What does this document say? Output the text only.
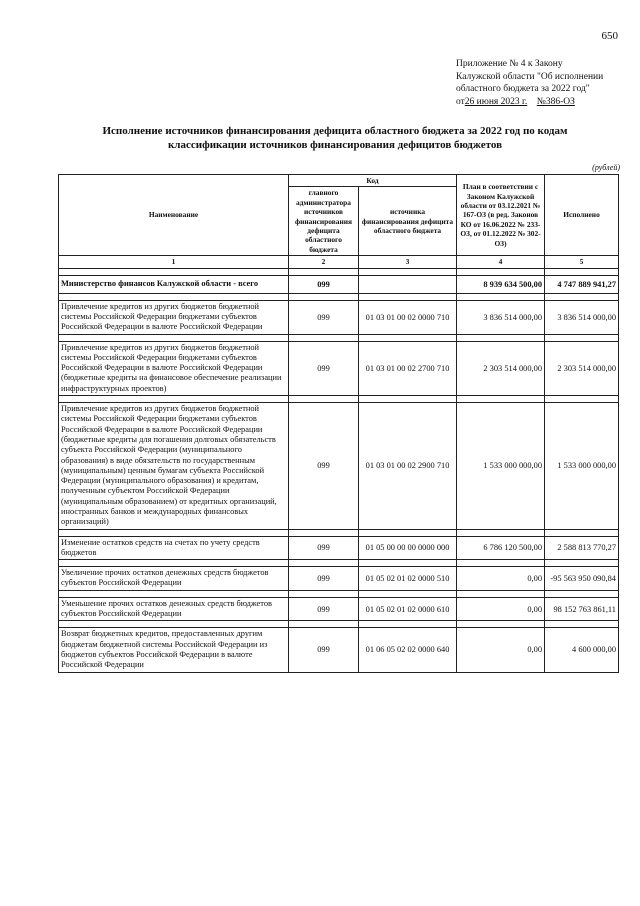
650
Приложение № 4 к Закону
Калужской области "Об исполнении
областного бюджета за 2022 год"
от26 июня 2023 г. №386-ОЗ
Исполнение источников финансирования дефицита областного бюджета за 2022 год по кодам
классификации источников финансирования дефицитов бюджетов
(рублей)
Наименование	Код		План в соответствии с Законом Калужской области от 03.12.2021 № 167-ОЗ (в ред. Законов КО от 16.06.2022 № 233-ОЗ, от 01.12.2022 № 302-ОЗ)	Исполнено
	главного администратора источников финансирования дефицита областного бюджета	источника финансирования дефицита областного бюджета		
1	2	3	4	5

Министерство финансов Калужской области - всего	099		8 939 634 500,00	4 747 889 941,27

Привлечение кредитов из других бюджетов бюджетной системы Российской Федерации бюджетами субъектов Российской Федерации в валюте Российской Федерации	099	01 03 01 00 02 0000 710	3 836 514 000,00	3 836 514 000,00

Привлечение кредитов из других бюджетов бюджетной системы Российской Федерации бюджетами субъектов Российской Федерации в валюте Российской Федерации (бюджетные кредиты на финансовое обеспечение реализации инфраструктурных проектов)	099	01 03 01 00 02 2700 710	2 303 514 000,00	2 303 514 000,00

Привлечение кредитов из других бюджетов бюджетной системы Российской Федерации бюджетами субъектов Российской Федерации в валюте Российской Федерации (бюджетные кредиты для погашения долговых обязательств субъекта Российской Федерации (муниципального образования) в виде обязательств по государственным (муниципальным) ценным бумагам субъекта Российской Федерации (муниципального образования) и кредитам, полученным субъектом Российской Федерации (муниципальным образованием) от кредитных организаций, иностранных банков и международных финансовых организаций)	099	01 03 01 00 02 2900 710	1 533 000 000,00	1 533 000 000,00

Изменение остатков средств на счетах по учету средств бюджетов	099	01 05 00 00 00 0000 000	6 786 120 500,00	2 588 813 770,27

Увеличение прочих остатков денежных средств бюджетов субъектов Российской Федерации	099	01 05 02 01 02 0000 510	0,00	-95 563 950 090,84

Уменьшение прочих остатков денежных средств бюджетов субъектов Российской Федерации	099	01 05 02 01 02 0000 610	0,00	98 152 763 861,11

Возврат бюджетных кредитов, предоставленных другим бюджетам бюджетной системы Российской Федерации из бюджетов субъектов Российской Федерации в валюте Российской Федерации	099	01 06 05 02 02 0000 640	0,00	4 600 000,00
